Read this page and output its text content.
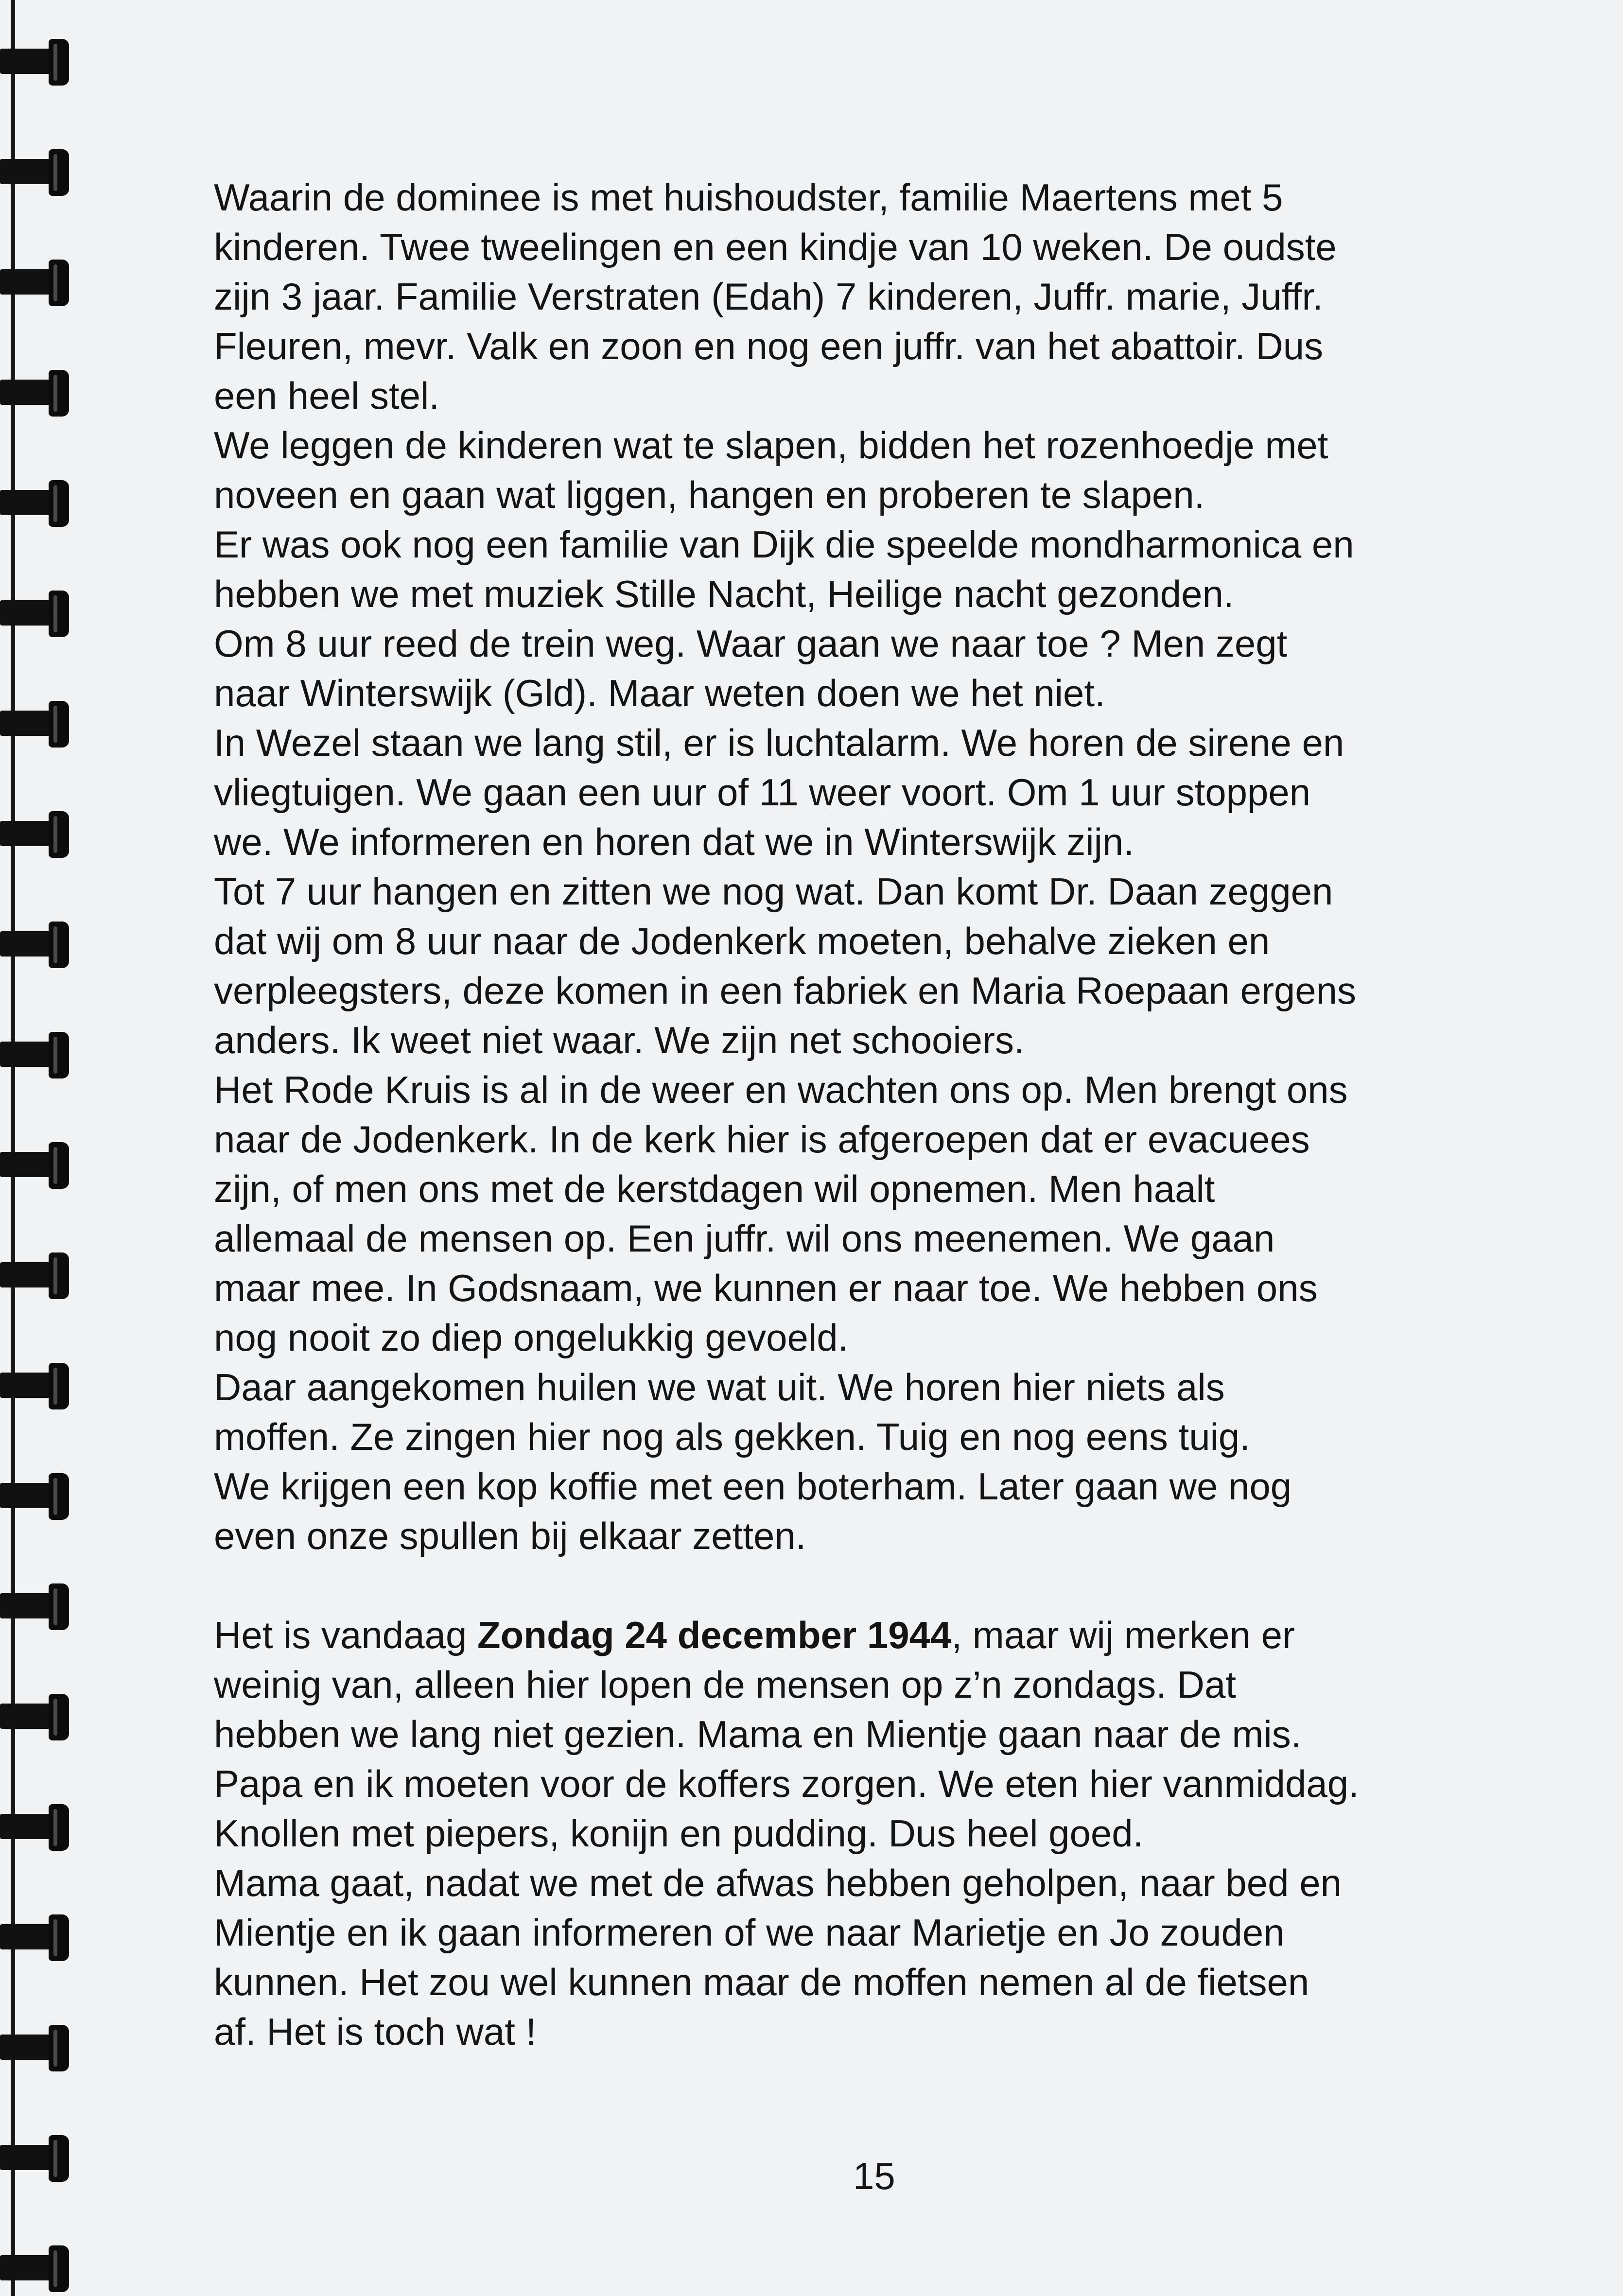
Waarin de dominee is met huishoudster, familie Maertens met 5
kinderen. Twee tweelingen en een kindje van 10 weken. De oudste
zijn 3 jaar. Familie Verstraten (Edah) 7 kinderen, Juffr. marie, Juffr.
Fleuren, mevr. Valk en zoon en nog een juffr. van het abattoir. Dus
een heel stel.
We leggen de kinderen wat te slapen, bidden het rozenhoedje met
noveen en gaan wat liggen, hangen en proberen te slapen.
Er was ook nog een familie van Dijk die speelde mondharmonica en
hebben we met muziek Stille Nacht, Heilige nacht gezonden.
Om 8 uur reed de trein weg. Waar gaan we naar toe ? Men zegt
naar Winterswijk (Gld). Maar weten doen we het niet.
In Wezel staan we lang stil, er is luchtalarm. We horen de sirene en
vliegtuigen. We gaan een uur of 11 weer voort. Om 1 uur stoppen
we. We informeren en horen dat we in Winterswijk zijn.
Tot 7 uur hangen en zitten we nog wat. Dan komt Dr. Daan zeggen
dat wij om 8 uur naar de Jodenkerk moeten, behalve zieken en
verpleegsters, deze komen in een fabriek en Maria Roepaan ergens
anders. Ik weet niet waar. We zijn net schooiers.
Het Rode Kruis is al in de weer en wachten ons op. Men brengt ons
naar de Jodenkerk. In de kerk hier is afgeroepen dat er evacuees
zijn, of men ons met de kerstdagen wil opnemen. Men haalt
allemaal de mensen op. Een juffr. wil ons meenemen. We gaan
maar mee. In Godsnaam, we kunnen er naar toe. We hebben ons
nog nooit zo diep ongelukkig gevoeld.
Daar aangekomen huilen we wat uit. We horen hier niets als
moffen. Ze zingen hier nog als gekken. Tuig en nog eens tuig.
We krijgen een kop koffie met een boterham. Later gaan we nog
even onze spullen bij elkaar zetten.
Het is vandaag Zondag 24 december 1944, maar wij merken er
weinig van, alleen hier lopen de mensen op z’n zondags. Dat
hebben we lang niet gezien. Mama en Mientje gaan naar de mis.
Papa en ik moeten voor de koffers zorgen. We eten hier vanmiddag.
Knollen met piepers, konijn en pudding. Dus heel goed.
Mama gaat, nadat we met de afwas hebben geholpen, naar bed en
Mientje en ik gaan informeren of we naar Marietje en Jo zouden
kunnen. Het zou wel kunnen maar de moffen nemen al de fietsen
af. Het is toch wat !
15
